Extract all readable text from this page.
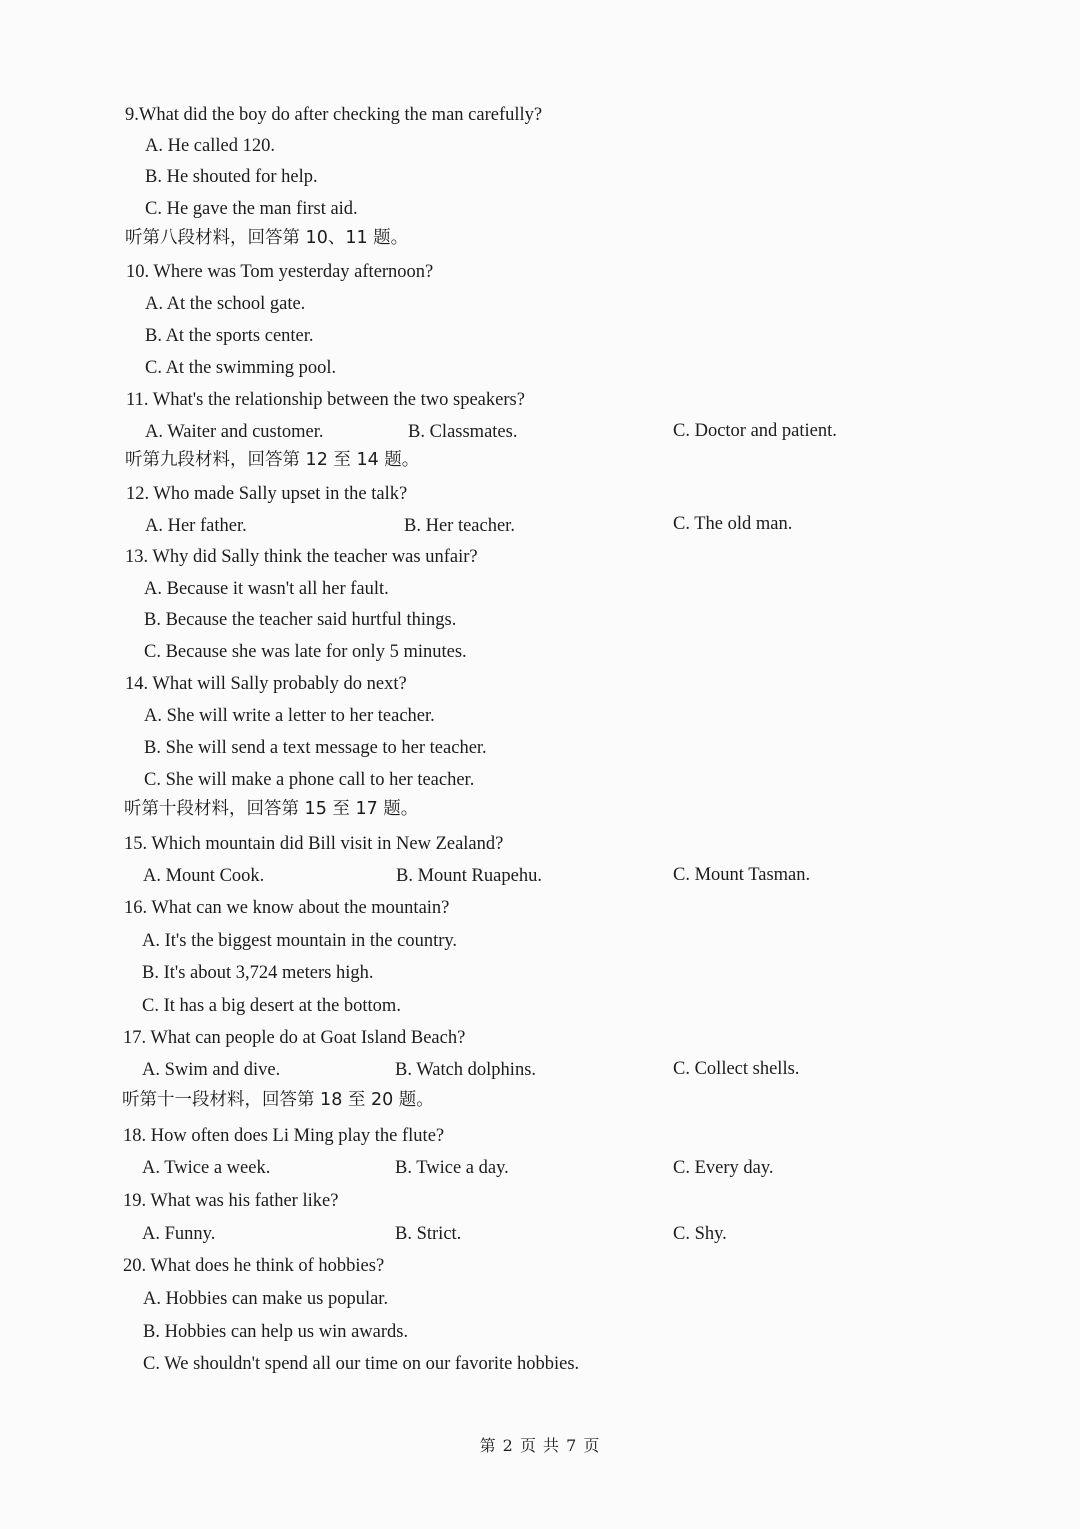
9.What did the boy do after checking the man carefully?
A. He called 120.
B. He shouted for help.
C. He gave the man first aid.
听第八段材料，回答第 10、11 题。
10. Where was Tom yesterday afternoon?
A. At the school gate.
B. At the sports center.
C. At the swimming pool.
11. What's the relationship between the two speakers?
A. Waiter and customer.	B. Classmates.	C. Doctor and patient.
听第九段材料，回答第 12 至 14 题。
12. Who made Sally upset in the talk?
A. Her father.	B. Her teacher.	C. The old man.
13. Why did Sally think the teacher was unfair?
A. Because it wasn't all her fault.
B. Because the teacher said hurtful things.
C. Because she was late for only 5 minutes.
14. What will Sally probably do next?
A. She will write a letter to her teacher.
B. She will send a text message to her teacher.
C. She will make a phone call to her teacher.
听第十段材料，回答第 15 至 17 题。
15. Which mountain did Bill visit in New Zealand?
A. Mount Cook.	B. Mount Ruapehu.	C. Mount Tasman.
16. What can we know about the mountain?
A. It's the biggest mountain in the country.
B. It's about 3,724 meters high.
C. It has a big desert at the bottom.
17. What can people do at Goat Island Beach?
A. Swim and dive.	B. Watch dolphins.	C. Collect shells.
听第十一段材料，回答第 18 至 20 题。
18. How often does Li Ming play the flute?
A. Twice a week.	B. Twice a day.	C. Every day.
19. What was his father like?
A. Funny.	B. Strict.	C. Shy.
20. What does he think of hobbies?
A. Hobbies can make us popular.
B. Hobbies can help us win awards.
C. We shouldn't spend all our time on our favorite hobbies.
第 2 页 共 7 页
